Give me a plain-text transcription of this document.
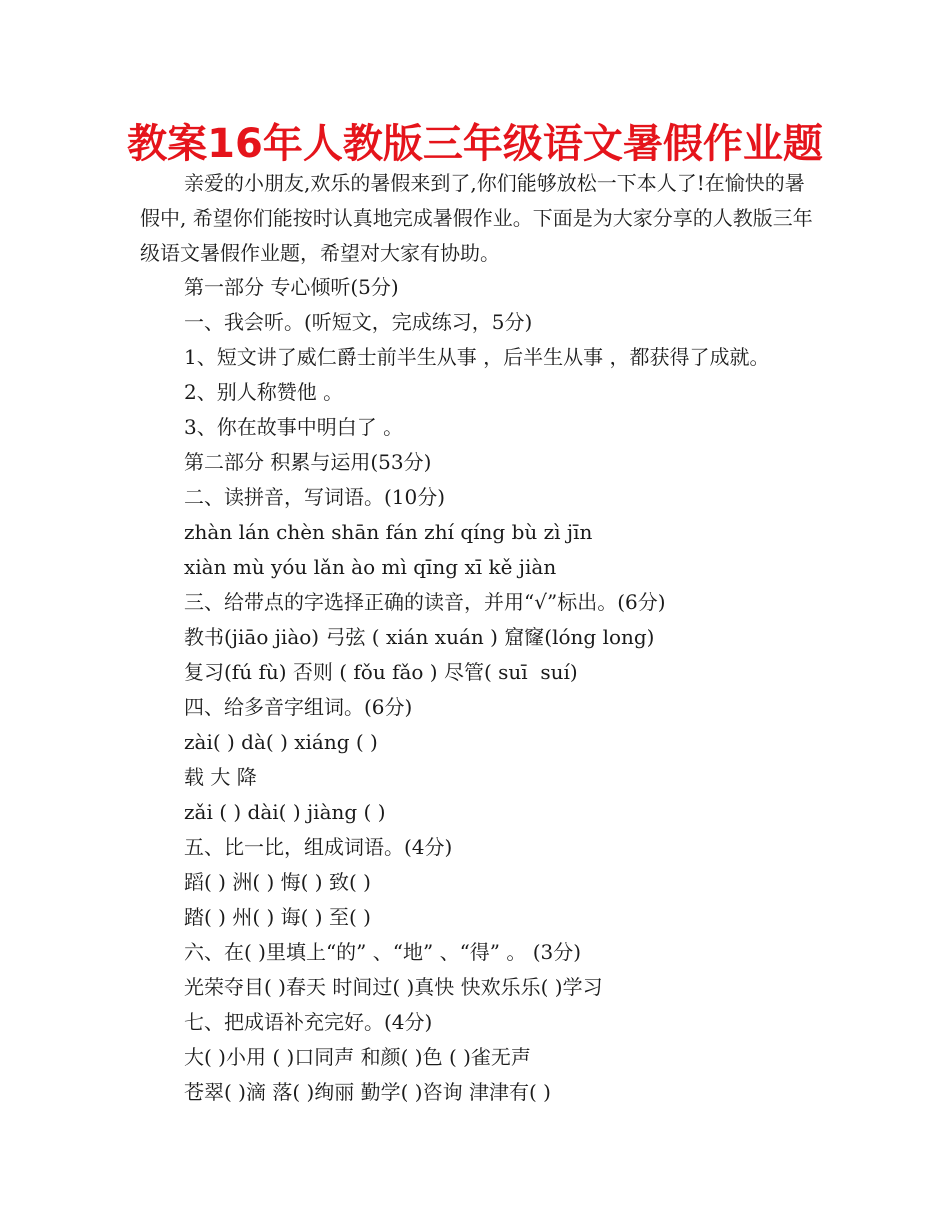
教案16年人教版三年级语文暑假作业题
亲爱的小朋友,欢乐的暑假来到了,你们能够放松一下本人了!在愉快的暑 假中, 希望你们能按时认真地完成暑假作业。下面是为大家分享的人教版三年级语文暑假作业题，希望对大家有协助。
第一部分 专心倾听(5分)
一、我会听。(听短文，完成练习，5分)
1、短文讲了威仁爵士前半生从事 ，后半生从事 ，都获得了成就。
2、别人称赞他 。
3、你在故事中明白了 。
第二部分 积累与运用(53分)
二、读拼音，写词语。(10分)
zhàn lán chèn shān fán zhí qíng bù zì jīn
xiàn mù yóu lǎn ào mì qīng xī kě jiàn
三、给带点的字选择正确的读音，并用“√”标出。(6分)
教书(jiāo jiào) 弓弦 ( xián xuán ) 窟窿(lóng long)
复习(fú fù) 否则 ( fǒu fǎo ) 尽管( suī  suí)
四、给多音字组词。(6分)
zài( ) dà( ) xiáng ( )
载 大 降
zǎi ( ) dài( ) jiàng ( )
五、比一比，组成词语。(4分)
蹈( ) 洲( ) 悔( ) 致( )
踏( ) 州( ) 诲( ) 至( )
六、在( )里填上“的” 、“地” 、“得” 。 (3分)
光荣夺目( )春天 时间过( )真快 快欢乐乐( )学习
七、把成语补充完好。(4分)
大( )小用 ( )口同声 和颜( )色 ( )雀无声
苍翠( )滴 落( )绚丽 勤学( )咨询 津津有( )
